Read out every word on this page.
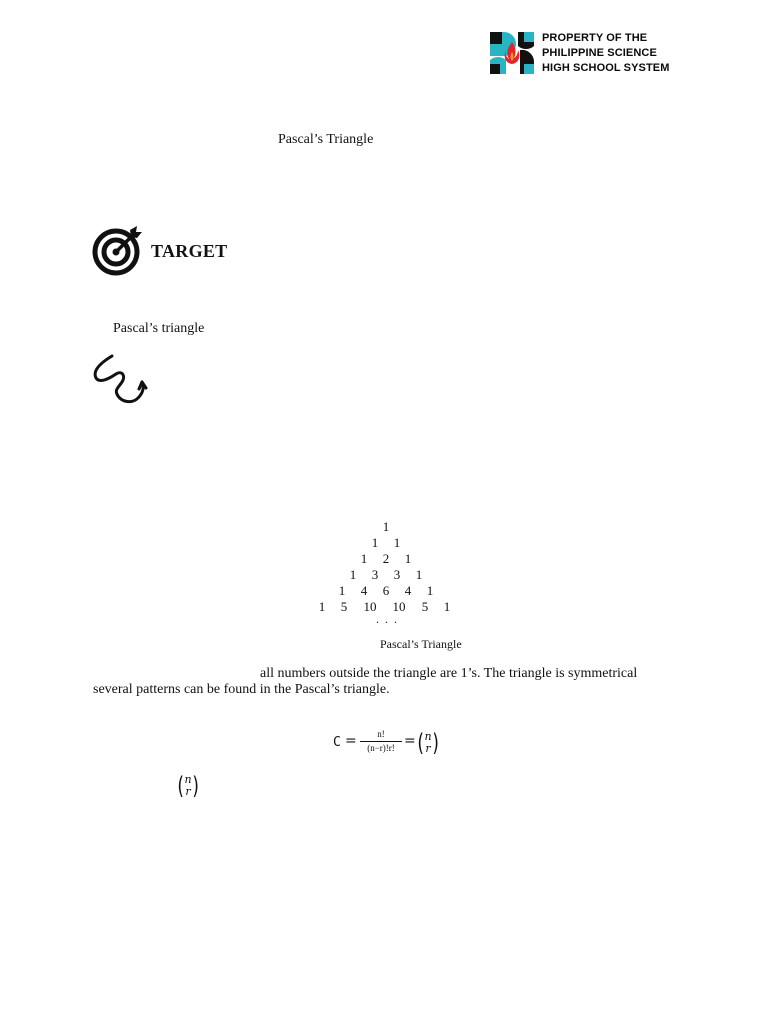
PROPERTY OF THE
PHILIPPINE SCIENCE
HIGH SCHOOL SYSTEM
Pascal’s Triangle
TARGET
Pascal’s triangle
1
1	1
1	2	1
1	3	3	1
1	4	6	4	1
1	5	10	10	5	1
· · ·
Pascal’s Triangle
all numbers outside the triangle are 1’s. The triangle is symmetrical
several patterns can be found in the Pascal’s triangle.
C =	n!
(n−r)!r! = ( n
r )
( n
r )
